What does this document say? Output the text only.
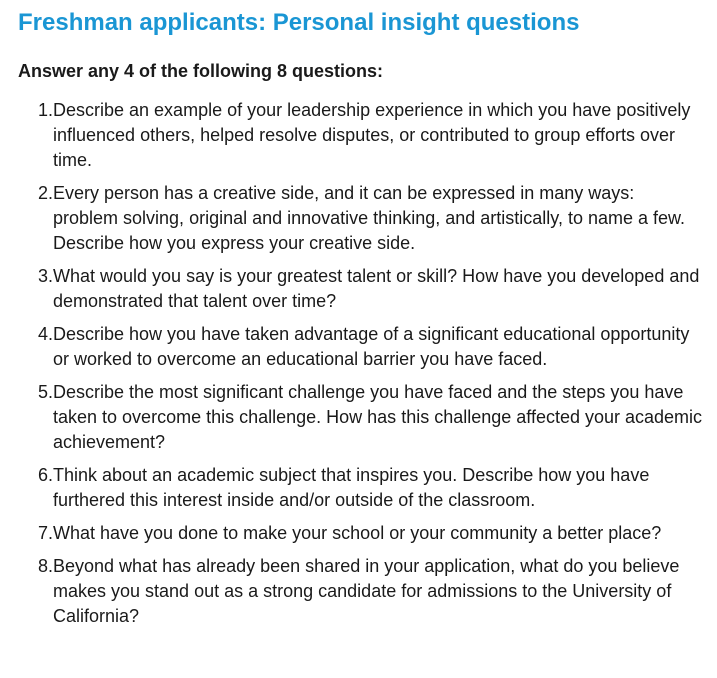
Freshman applicants: Personal insight questions
Answer any 4 of the following 8 questions:
1. Describe an example of your leadership experience in which you have positively influenced others, helped resolve disputes, or contributed to group efforts over time.
2. Every person has a creative side, and it can be expressed in many ways: problem solving, original and innovative thinking, and artistically, to name a few. Describe how you express your creative side.
3. What would you say is your greatest talent or skill? How have you developed and demonstrated that talent over time?
4. Describe how you have taken advantage of a significant educational opportunity or worked to overcome an educational barrier you have faced.
5. Describe the most significant challenge you have faced and the steps you have taken to overcome this challenge. How has this challenge affected your academic achievement?
6. Think about an academic subject that inspires you. Describe how you have furthered this interest inside and/or outside of the classroom.
7. What have you done to make your school or your community a better place?
8. Beyond what has already been shared in your application, what do you believe makes you stand out as a strong candidate for admissions to the University of California?
